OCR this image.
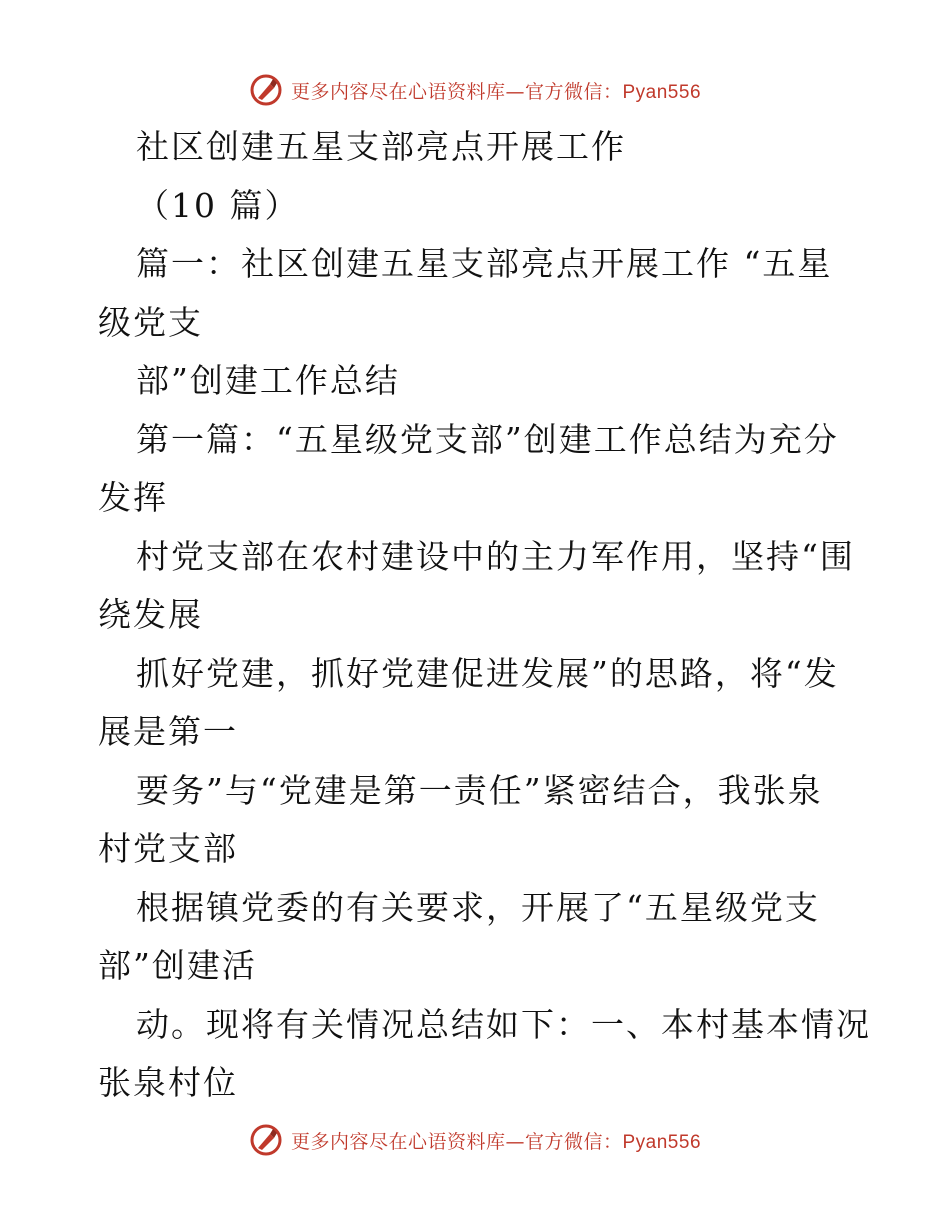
更多内容尽在心语资料库—官方微信：Pyan556
社区创建五星支部亮点开展工作
（10 篇）
篇一：社区创建五星支部亮点开展工作 “五星
级党支
部”创建工作总结
第一篇：“五星级党支部”创建工作总结为充分
发挥
村党支部在农村建设中的主力军作用，坚持“围
绕发展
抓好党建，抓好党建促进发展”的思路，将“发
展是第一
要务”与“党建是第一责任”紧密结合，我张泉
村党支部
根据镇党委的有关要求，开展了“五星级党支
部”创建活
动。现将有关情况总结如下：一、本村基本情况
张泉村位
更多内容尽在心语资料库—官方微信：Pyan556
